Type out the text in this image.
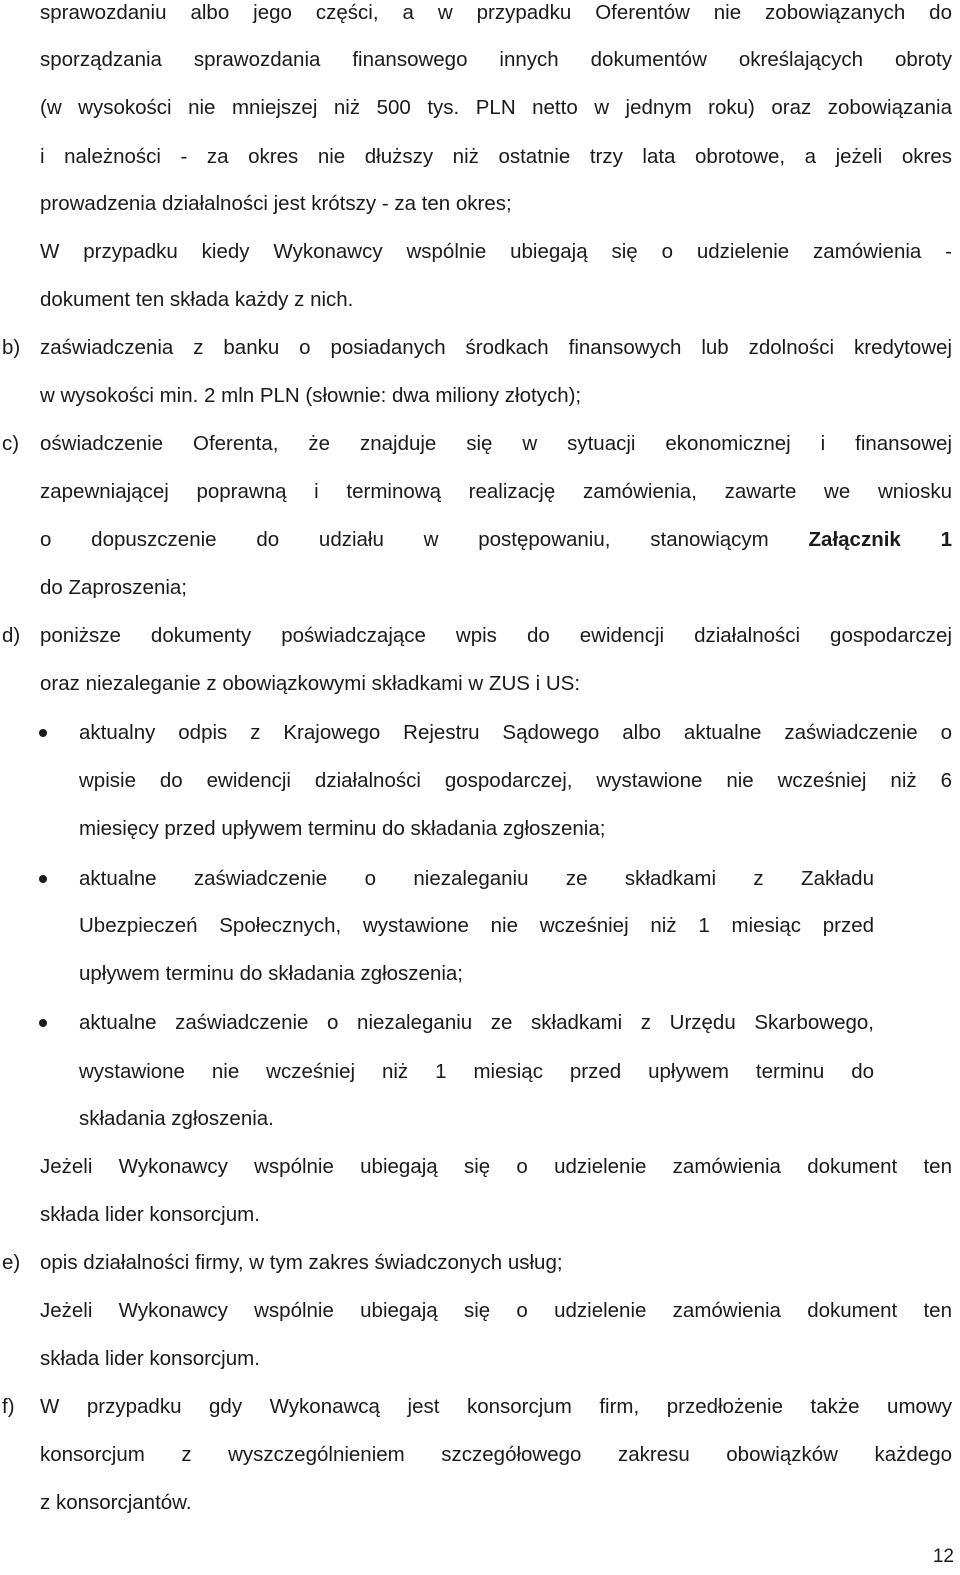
sprawozdaniu albo jego części, a w przypadku Oferentów nie zobowiązanych do
sporządzania sprawozdania finansowego innych dokumentów określających obroty
(w wysokości nie mniejszej niż 500 tys. PLN netto w jednym roku) oraz zobowiązania
i należności - za okres nie dłuższy niż ostatnie trzy lata obrotowe, a jeżeli okres
prowadzenia działalności jest krótszy - za ten okres;
W przypadku kiedy Wykonawcy wspólnie ubiegają się o udzielenie zamówienia -
dokument ten składa każdy z nich.
b) zaświadczenia z banku o posiadanych środkach finansowych lub zdolności kredytowej
w wysokości min. 2 mln PLN (słownie: dwa miliony złotych);
c) oświadczenie Oferenta, że znajduje się w sytuacji ekonomicznej i finansowej
zapewniającej poprawną i terminową realizację zamówienia, zawarte we wniosku
o dopuszczenie do udziału w postępowaniu, stanowiącym Załącznik 1
do Zaproszenia;
d) poniższe dokumenty poświadczające wpis do ewidencji działalności gospodarczej
oraz niezaleganie z obowiązkowymi składkami w ZUS i US:
aktualny odpis z Krajowego Rejestru Sądowego albo aktualne zaświadczenie o
wpisie do ewidencji działalności gospodarczej, wystawione nie wcześniej niż 6
miesięcy przed upływem terminu do składania zgłoszenia;
aktualne zaświadczenie o niezaleganiu ze składkami z Zakładu
Ubezpieczeń Społecznych, wystawione nie wcześniej niż 1 miesiąc przed
upływem terminu do składania zgłoszenia;
aktualne zaświadczenie o niezaleganiu ze składkami z Urzędu Skarbowego,
wystawione nie wcześniej niż 1 miesiąc przed upływem terminu do
składania zgłoszenia.
Jeżeli Wykonawcy wspólnie ubiegają się o udzielenie zamówienia dokument ten
składa lider konsorcjum.
e) opis działalności firmy, w tym zakres świadczonych usług;
Jeżeli Wykonawcy wspólnie ubiegają się o udzielenie zamówienia dokument ten
składa lider konsorcjum.
f) W przypadku gdy Wykonawcą jest konsorcjum firm, przedłożenie także umowy
konsorcjum z wyszczególnieniem szczegółowego zakresu obowiązków każdego
z konsorcjantów.
12
